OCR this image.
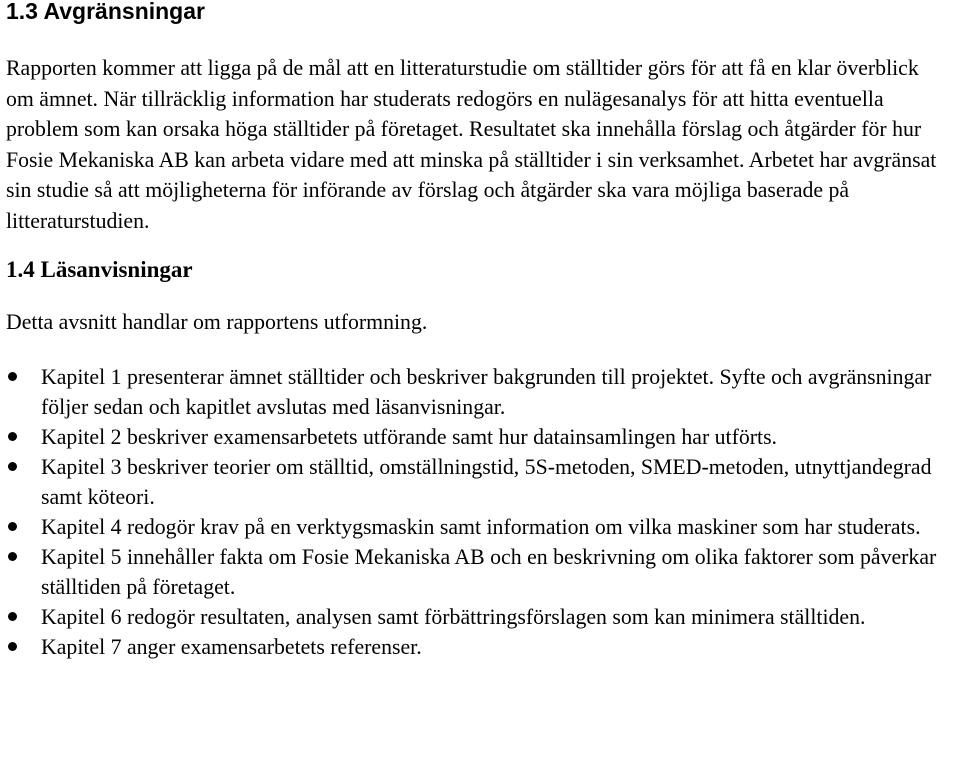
1.3 Avgränsningar

Rapporten kommer att ligga på de mål att en litteraturstudie om ställtider görs för att få en klar överblick om ämnet. När tillräcklig information har studerats redogörs en nulägesanalys för att hitta eventuella problem som kan orsaka höga ställtider på företaget. Resultatet ska innehålla förslag och åtgärder för hur Fosie Mekaniska AB kan arbeta vidare med att minska på ställtider i sin verksamhet. Arbetet har avgränsat sin studie så att möjligheterna för införande av förslag och åtgärder ska vara möjliga baserade på litteraturstudien.

1.4 Läsanvisningar

Detta avsnitt handlar om rapportens utformning.

Kapitel 1 presenterar ämnet ställtider och beskriver bakgrunden till projektet. Syfte och avgränsningar följer sedan och kapitlet avslutas med läsanvisningar.
Kapitel 2 beskriver examensarbetets utförande samt hur datainsamlingen har utförts.
Kapitel 3 beskriver teorier om ställtid, omställningstid, 5S-metoden, SMED-metoden, utnyttjandegrad samt köteori.
Kapitel 4 redogör krav på en verktygsmaskin samt information om vilka maskiner som har studerats.
Kapitel 5 innehåller fakta om Fosie Mekaniska AB och en beskrivning om olika faktorer som påverkar ställtiden på företaget.
Kapitel 6 redogör resultaten, analysen samt förbättringsförslagen som kan minimera ställtiden.
Kapitel 7 anger examensarbetets referenser.
